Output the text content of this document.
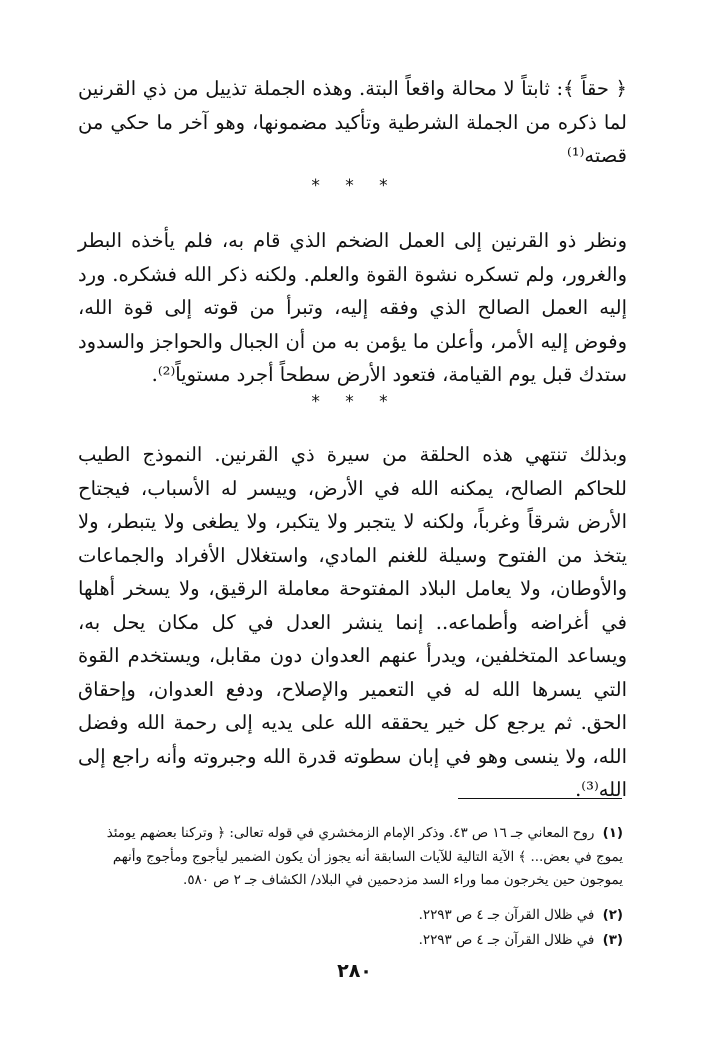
﴿ حقاً ﴾: ثابتاً لا محالة واقعاً البتة. وهذه الجملة تذييل من ذي القرنين لما ذكره من الجملة الشرطية وتأكيد مضمونها، وهو آخر ما حكي من قصته⁽¹⁾

* * *

ونظر ذو القرنين إلى العمل الضخم الذي قام به، فلم يأخذه البطر والغرور، ولم تسكره نشوة القوة والعلم. ولكنه ذكر الله فشكره. ورد إليه العمل الصالح الذي وفقه إليه، وتبرأ من قوته إلى قوة الله، وفوض إليه الأمر، وأعلن ما يؤمن به من أن الجبال والحواجز والسدود ستدك قبل يوم القيامة، فتعود الأرض سطحاً أجرد مستوياً⁽²⁾.

* * *

وبذلك تنتهي هذه الحلقة من سيرة ذي القرنين. النموذج الطيب للحاكم الصالح، يمكنه الله في الأرض، وييسر له الأسباب، فيجتاح الأرض شرقاً وغرباً، ولكنه لا يتجبر ولا يتكبر، ولا يطغى ولا يتبطر، ولا يتخذ من الفتوح وسيلة للغنم المادي، واستغلال الأفراد والجماعات والأوطان، ولا يعامل البلاد المفتوحة معاملة الرقيق، ولا يسخر أهلها في أغراضه وأطماعه.. إنما ينشر العدل في كل مكان يحل به، ويساعد المتخلفين، ويدرأ عنهم العدوان دون مقابل، ويستخدم القوة التي يسرها الله له في التعمير والإصلاح، ودفع العدوان، وإحقاق الحق. ثم يرجع كل خير يحققه الله على يديه إلى رحمة الله وفضل الله، ولا ينسى وهو في إبان سطوته قدرة الله وجبروته وأنه راجع إلى الله⁽³⁾.

(١) روح المعاني جـ ١٦ ص ٤٣. وذكر الإمام الزمخشري في قوله تعالى: ﴿ وتركنا بعضهم يومئذ يموج في بعض... ﴾ الآية التالية للآيات السابقة أنه يجوز أن يكون الضمير ليأجوج ومأجوج وأنهم يموجون حين يخرجون مما وراء السد مزدحمين في البلاد/ الكشاف جـ ٢ ص ٥٨٠.

(٢) في ظلال القرآن جـ ٤ ص ٢٢٩٣.

(٣) في ظلال القرآن جـ ٤ ص ٢٢٩٣.

٢٨٠
